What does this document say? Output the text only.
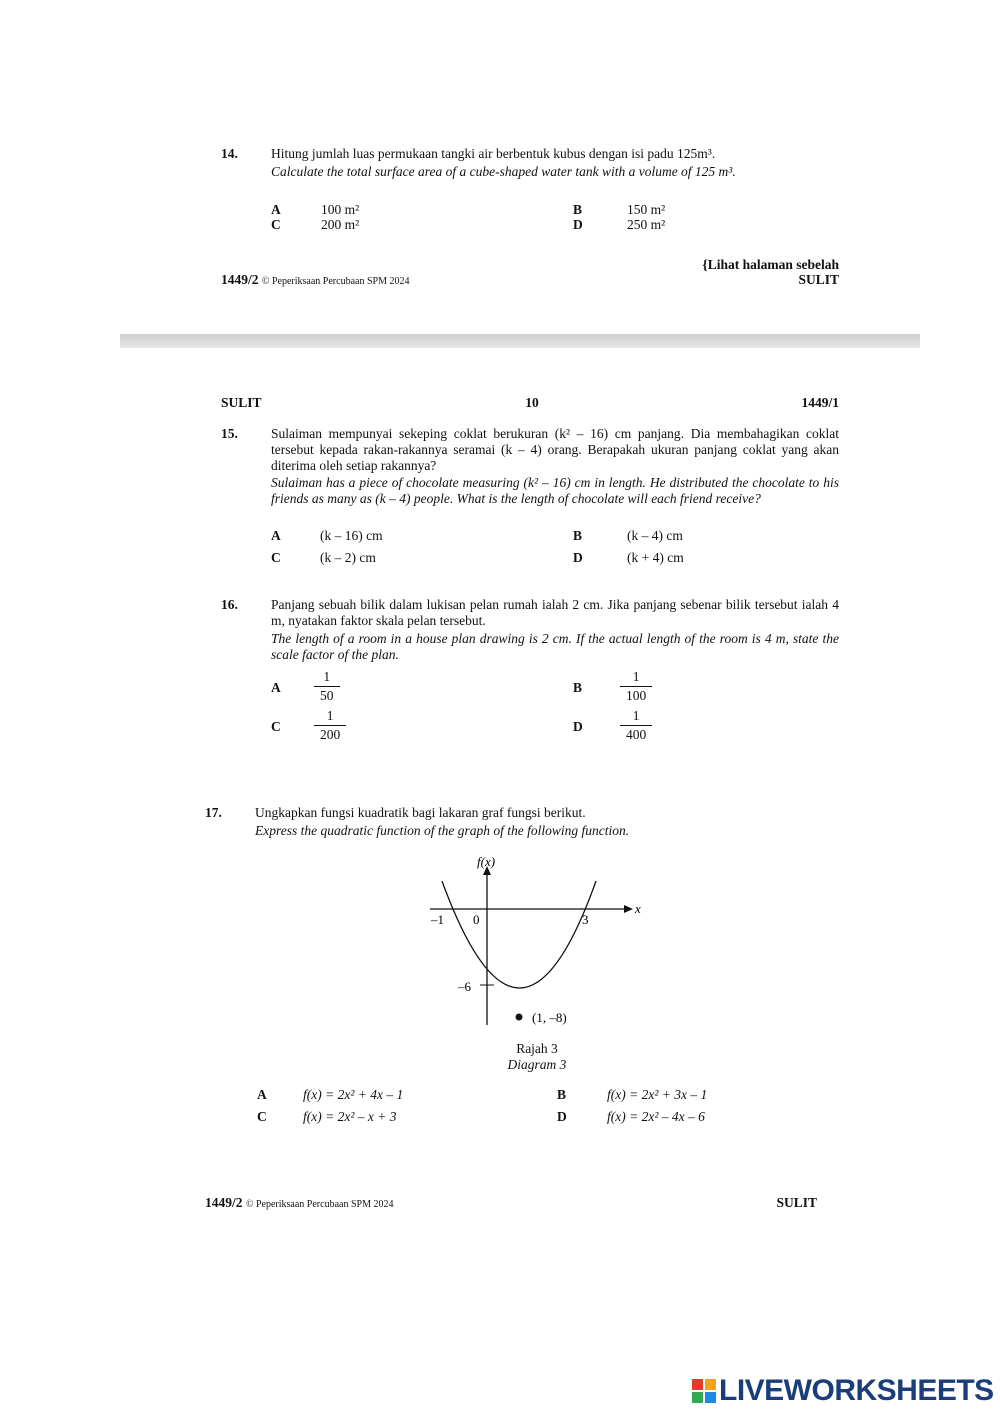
14. Hitung jumlah luas permukaan tangki air berbentuk kubus dengan isi padu 125m³.
Calculate the total surface area of a cube-shaped water tank with a volume of 125 m³.
A	100 m²	B	150 m²
C	200 m²	D	250 m²
{Lihat halaman sebelah
1449/2 © Peperiksaan Percubaan SPM 2024	SULIT
SULIT	10	1449/1
15. Sulaiman mempunyai sekeping coklat berukuran (k² – 16) cm panjang. Dia membahagikan coklat tersebut kepada rakan-rakannya seramai (k – 4) orang. Berapakah ukuran panjang coklat yang akan diterima oleh setiap rakannya?
Sulaiman has a piece of chocolate measuring (k² – 16) cm in length. He distributed the chocolate to his friends as many as (k – 4) people. What is the length of chocolate will each friend receive?
A	(k – 16) cm	B	(k – 4) cm
C	(k – 2) cm	D	(k + 4) cm
16. Panjang sebuah bilik dalam lukisan pelan rumah ialah 2 cm. Jika panjang sebenar bilik tersebut ialah 4 m, nyatakan faktor skala pelan tersebut.
The length of a room in a house plan drawing is 2 cm. If the actual length of the room is 4 m, state the scale factor of the plan.
A $\frac{1}{50}$	B	$\frac{1}{100}$
C $\frac{1}{200}$	D	$\frac{1}{400}$
17. Ungkapkan fungsi kuadratik bagi lakaran graf fungsi berikut.
Express the quadratic function of the graph of the following function.
f(x)
x
–1 0	3
–6
(1, –8)
Rajah 3
Diagram 3
A	f(x) = 2x² + 4x – 1	B	f(x) = 2x² + 3x – 1
C	f(x) = 2x² – x + 3	D	f(x) = 2x² – 4x – 6
1449/2 © Peperiksaan Percubaan SPM 2024	SULIT
LIVEWORKSHEETS
